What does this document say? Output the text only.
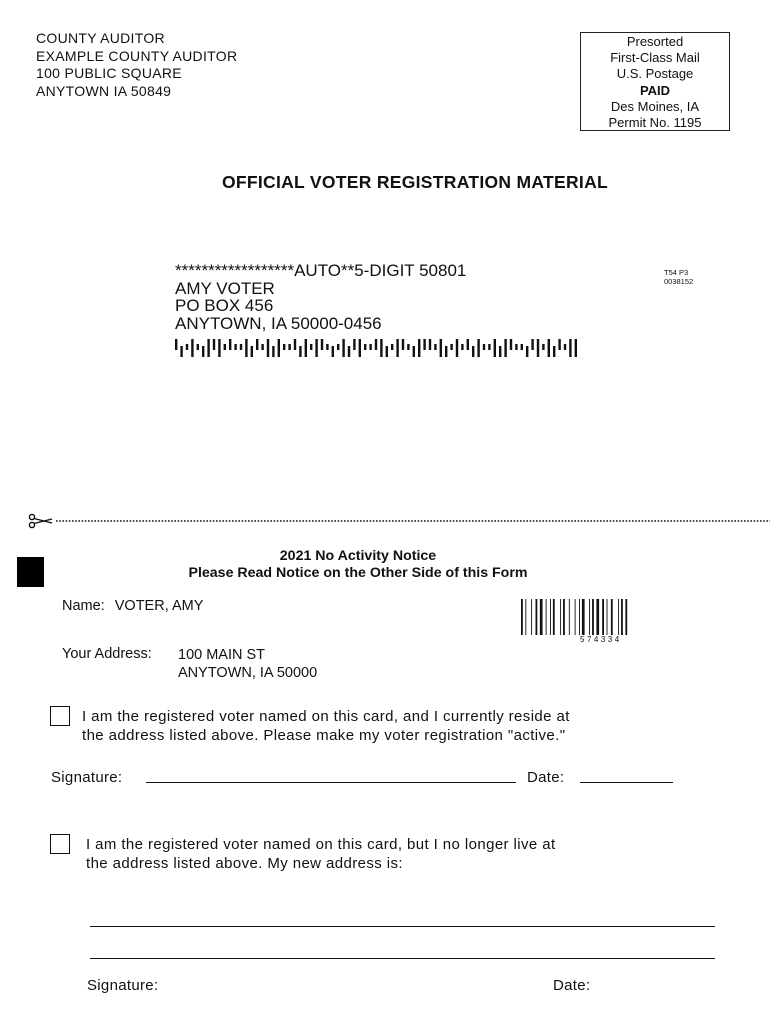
COUNTY AUDITOR
EXAMPLE COUNTY AUDITOR
100 PUBLIC SQUARE
ANYTOWN IA 50849
Presorted
First-Class Mail
U.S. Postage
PAID
Des Moines, IA
Permit No. 1195
OFFICIAL VOTER REGISTRATION MATERIAL
******************AUTO**5-DIGIT 50801
AMY VOTER
PO BOX 456
ANYTOWN, IA 50000-0456
T54 P3
0038152
2021 No Activity Notice
Please Read Notice on the Other Side of this Form
Name: VOTER, AMY
574334
Your Address: 100 MAIN ST
ANYTOWN, IA 50000
I am the registered voter named on this card, and I currently reside at
the address listed above. Please make my voter registration "active."
Signature:	Date:
I am the registered voter named on this card, but I no longer live at
the address listed above. My new address is:
Signature:	Date:
